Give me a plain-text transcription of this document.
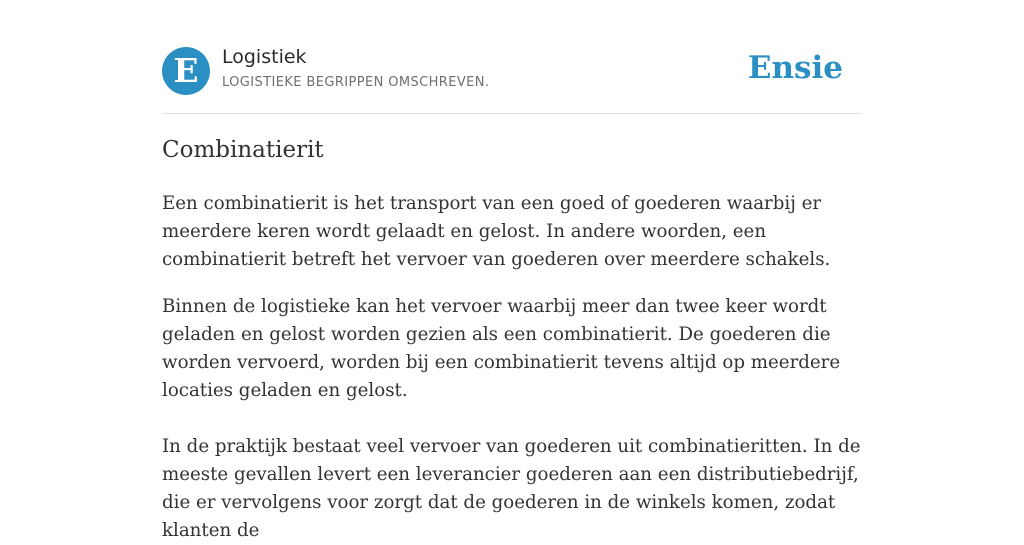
E	Logistiek
LOGISTIEKE BEGRIPPEN OMSCHREVEN.	Ensie
Combinatierit

Een combinatierit is het transport van een goed of goederen waarbij er meerdere keren wordt gelaadt en gelost. In andere woorden, een combinatierit betreft het vervoer van goederen over meerdere schakels.

Binnen de logistieke kan het vervoer waarbij meer dan twee keer wordt geladen en gelost worden gezien als een combinatierit. De goederen die worden vervoerd, worden bij een combinatierit tevens altijd op meerdere locaties geladen en gelost.

In de praktijk bestaat veel vervoer van goederen uit combinatieritten. In de meeste gevallen levert een leverancier goederen aan een distributiebedrijf, die er vervolgens voor zorgt dat de goederen in de winkels komen, zodat klanten de
